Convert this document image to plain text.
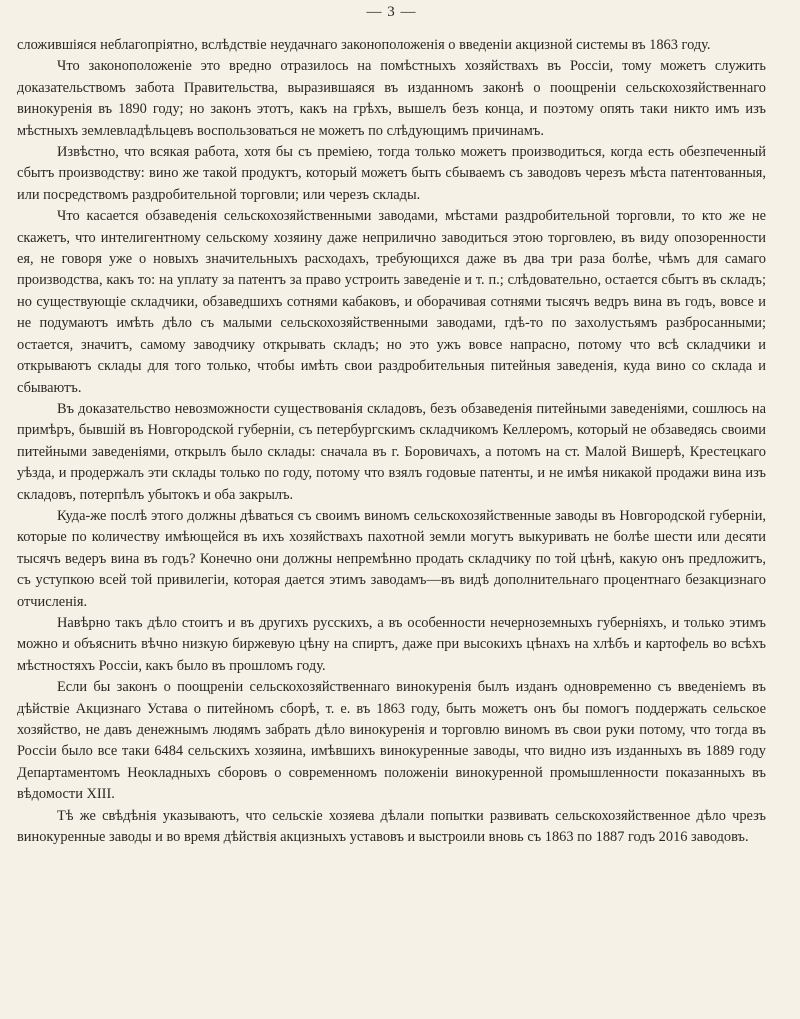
— 3 —

сложившіяся неблагопріятно, вслѣдствіе неудачнаго законоположенія о введеніи акцизной системы въ 1863 году.

Что законоположеніе это вредно отразилось на помѣстныхъ хозяйствахъ въ Россіи, тому можетъ служить доказательствомъ забота Правительства, выразившаяся въ изданномъ законѣ о поощреніи сельскохозяйственнаго винокуренія въ 1890 году; но законъ этотъ, какъ на грѣхъ, вышелъ безъ конца, и поэтому опять таки никто имъ изъ мѣстныхъ землевладѣльцевъ воспользоваться не можетъ по слѣдующимъ причинамъ.

Извѣстно, что всякая работа, хотя бы съ преміею, тогда только можетъ производиться, когда есть обезпеченный сбытъ производству: вино же такой продуктъ, который можетъ быть сбываемъ съ заводовъ черезъ мѣста патентованныя, или посредствомъ раздробительной торговли; или черезъ склады.

Что касается обзаведенія сельскохозяйственными заводами, мѣстами раздробительной торговли, то кто же не скажетъ, что интелигентному сельскому хозяину даже неприлично заводиться этою торговлею, въ виду опозоренности ея, не говоря уже о новыхъ значительныхъ расходахъ, требующихся даже въ два три раза болѣе, чѣмъ для самаго производства, какъ то: на уплату за патентъ за право устроить заведеніе и т. п.; слѣдовательно, остается сбытъ въ складъ; но существующіе складчики, обзаведшихъ сотнями кабаковъ, и оборачивая сотнями тысячъ ведръ вина въ годъ, вовсе и не подумаютъ имѣть дѣло съ малыми сельскохозяйственными заводами, гдѣ-то по захолустьямъ разбросанными; остается, значитъ, самому заводчику открывать складъ; но это ужъ вовсе напрасно, потому что всѣ складчики и открываютъ склады для того только, чтобы имѣть свои раздробительныя питейныя заведенія, куда вино со склада и сбываютъ.

Въ доказательство невозможности существованія складовъ, безъ обзаведенія питейными заведеніями, сошлюсь на примѣръ, бывшій въ Новгородской губерніи, съ петербургскимъ складчикомъ Келлеромъ, который не обзаведясь своими питейными заведеніями, открылъ было склады: сначала въ г. Боровичахъ, а потомъ на ст. Малой Вишерѣ, Крестецкаго уѣзда, и продержалъ эти склады только по году, потому что взялъ годовые патенты, и не имѣя никакой продажи вина изъ складовъ, потерпѣлъ убытокъ и оба закрылъ.

Куда-же послѣ этого должны дѣваться съ своимъ виномъ сельскохозяйственные заводы въ Новгородской губерніи, которые по количеству имѣющейся въ ихъ хозяйствахъ пахотной земли могутъ выкуривать не болѣе шести или десяти тысячъ ведеръ вина въ годъ? Конечно они должны непремѣнно продать складчику по той цѣнѣ, какую онъ предложитъ, съ уступкою всей той привилегіи, которая дается этимъ заводамъ—въ видѣ дополнительнаго процентнаго безакцизнаго отчисленія.

Навѣрно такъ дѣло стоитъ и въ другихъ русскихъ, а въ особенности нечерноземныхъ губерніяхъ, и только этимъ можно и объяснить вѣчно низкую биржевую цѣну на спиртъ, даже при высокихъ цѣнахъ на хлѣбъ и картофель во всѣхъ мѣстностяхъ Россіи, какъ было въ прошломъ году.

Если бы законъ о поощреніи сельскохозяйственнаго винокуренія былъ изданъ одновременно съ введеніемъ въ дѣйствіе Акцизнаго Устава о питейномъ сборѣ, т. е. въ 1863 году, быть можетъ онъ бы помогъ поддержать сельское хозяйство, не давъ денежнымъ людямъ забрать дѣло винокуренія и торговлю виномъ въ свои руки потому, что тогда въ Россіи было все таки 6484 сельскихъ хозяина, имѣвшихъ винокуренные заводы, что видно изъ изданныхъ въ 1889 году Департаментомъ Неокладныхъ сборовъ о современномъ положеніи винокуренной промышленности показанныхъ въ вѣдомости XIII.

Тѣ же свѣдѣнія указываютъ, что сельскіе хозяева дѣлали попытки развивать сельскохозяйственное дѣло чрезъ винокуренные заводы и во время дѣйствія акцизныхъ уставовъ и выстроили вновь съ 1863 по 1887 годъ 2016 заводовъ.
